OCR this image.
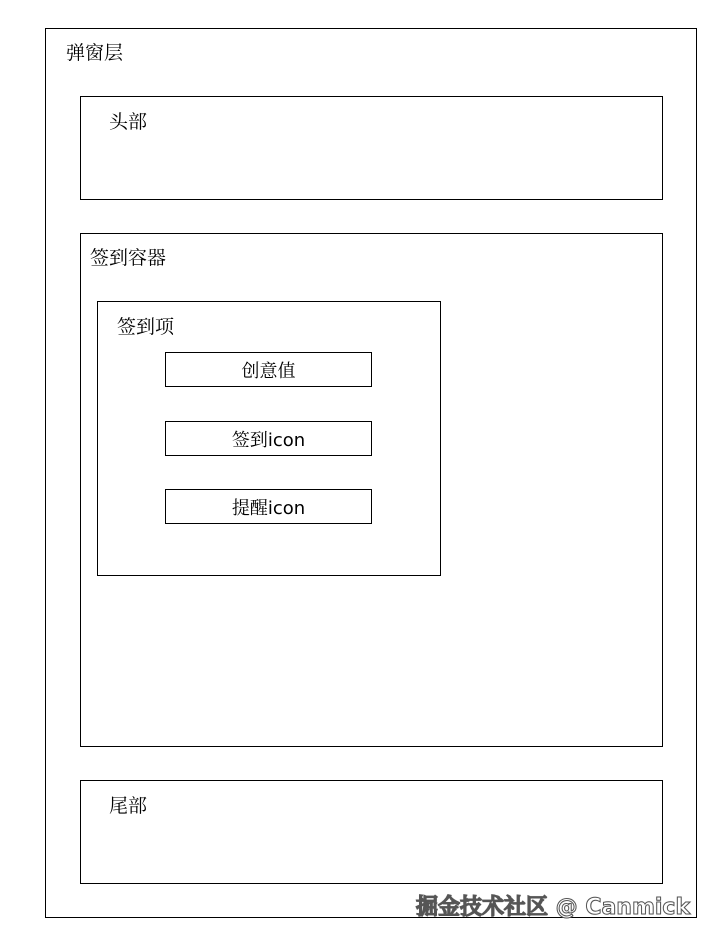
弹窗层
头部
签到容器
签到项
创意值
签到icon
提醒icon
尾部
掘金技术社区 @ Canmick
